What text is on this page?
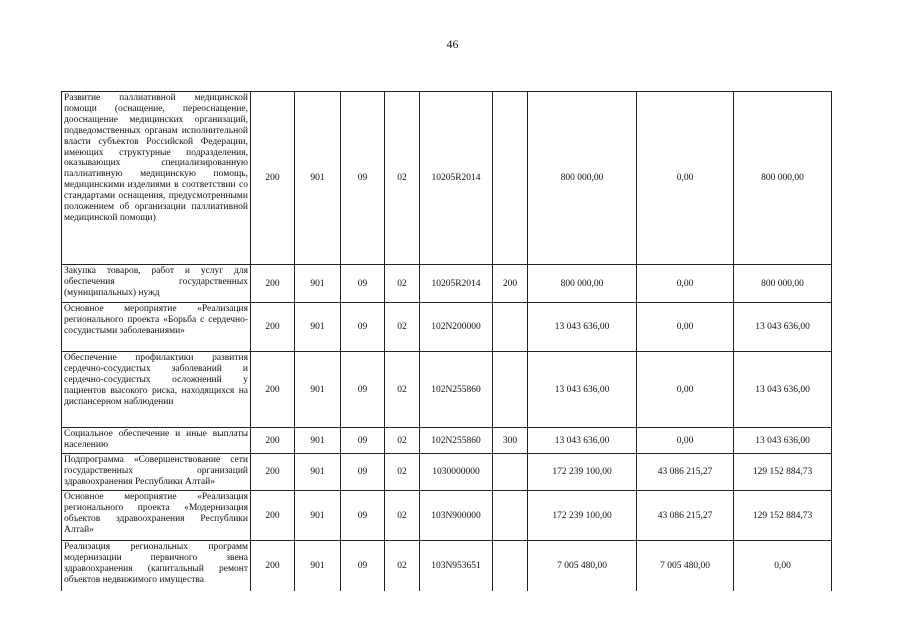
46
Развитие паллиативной медицинской помощи (оснащение, переоснащение, дооснащение медицинских организаций, подведомственных органам исполнительной власти субъектов Российской Федерации, имеющих структурные подразделения, оказывающих специализированную паллиативную медицинскую помощь, медицинскими изделиями в соответствии со стандартами оснащения, предусмотренными положением об организации паллиативной медицинской помощи)	200	901	09	02	10205R2014		800 000,00	0,00	800 000,00

Закупка товаров, работ и услуг для обеспечения государственных (муниципальных) нужд	200	901	09	02	10205R2014	200	800 000,00	0,00	800 000,00

Основное мероприятие «Реализация регионального проекта «Борьба с сердечно-сосудистыми заболеваниями»	200	901	09	02	102N200000		13 043 636,00	0,00	13 043 636,00

Обеспечение профилактики развития сердечно-сосудистых заболеваний и сердечно-сосудистых осложнений у пациентов высокого риска, находящихся на диспансерном наблюдении	200	901	09	02	102N255860		13 043 636,00	0,00	13 043 636,00

Социальное обеспечение и иные выплаты населению	200	901	09	02	102N255860	300	13 043 636,00	0,00	13 043 636,00

Подпрограмма «Совершенствование сети государственных организаций здравоохранения Республики Алтай»	200	901	09	02	1030000000		172 239 100,00	43 086 215,27	129 152 884,73

Основное мероприятие «Реализация регионального проекта «Модернизация объектов здравоохранения Республики Алтай»	200	901	09	02	103N900000		172 239 100,00	43 086 215,27	129 152 884,73

Реализация региональных программ модернизации первичного звена здравоохранения (капитальный ремонт объектов недвижимого имущества	200	901	09	02	103N953651		7 005 480,00	7 005 480,00	0,00
